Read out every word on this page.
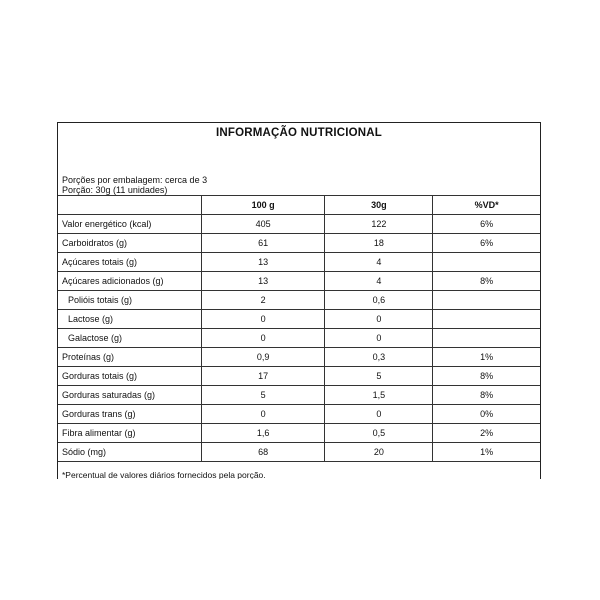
INFORMAÇÃO NUTRICIONAL
Porções por embalagem: cerca de 3
Porção: 30g (11 unidades)
	100 g	30g	%VD*
Valor energético (kcal)	405	122	6%
Carboidratos (g)	61	18	6%
Açúcares totais (g)	13	4	
Açúcares adicionados (g)	13	4	8%
Polióis totais (g)	2	0,6	
Lactose (g)	0	0	
Galactose (g)	0	0	
Proteínas (g)	0,9	0,3	1%
Gorduras totais (g)	17	5	8%
Gorduras saturadas (g)	5	1,5	8%
Gorduras trans (g)	0	0	0%
Fibra alimentar (g)	1,6	0,5	2%
Sódio (mg)	68	20	1%
*Percentual de valores diários fornecidos pela porção.
